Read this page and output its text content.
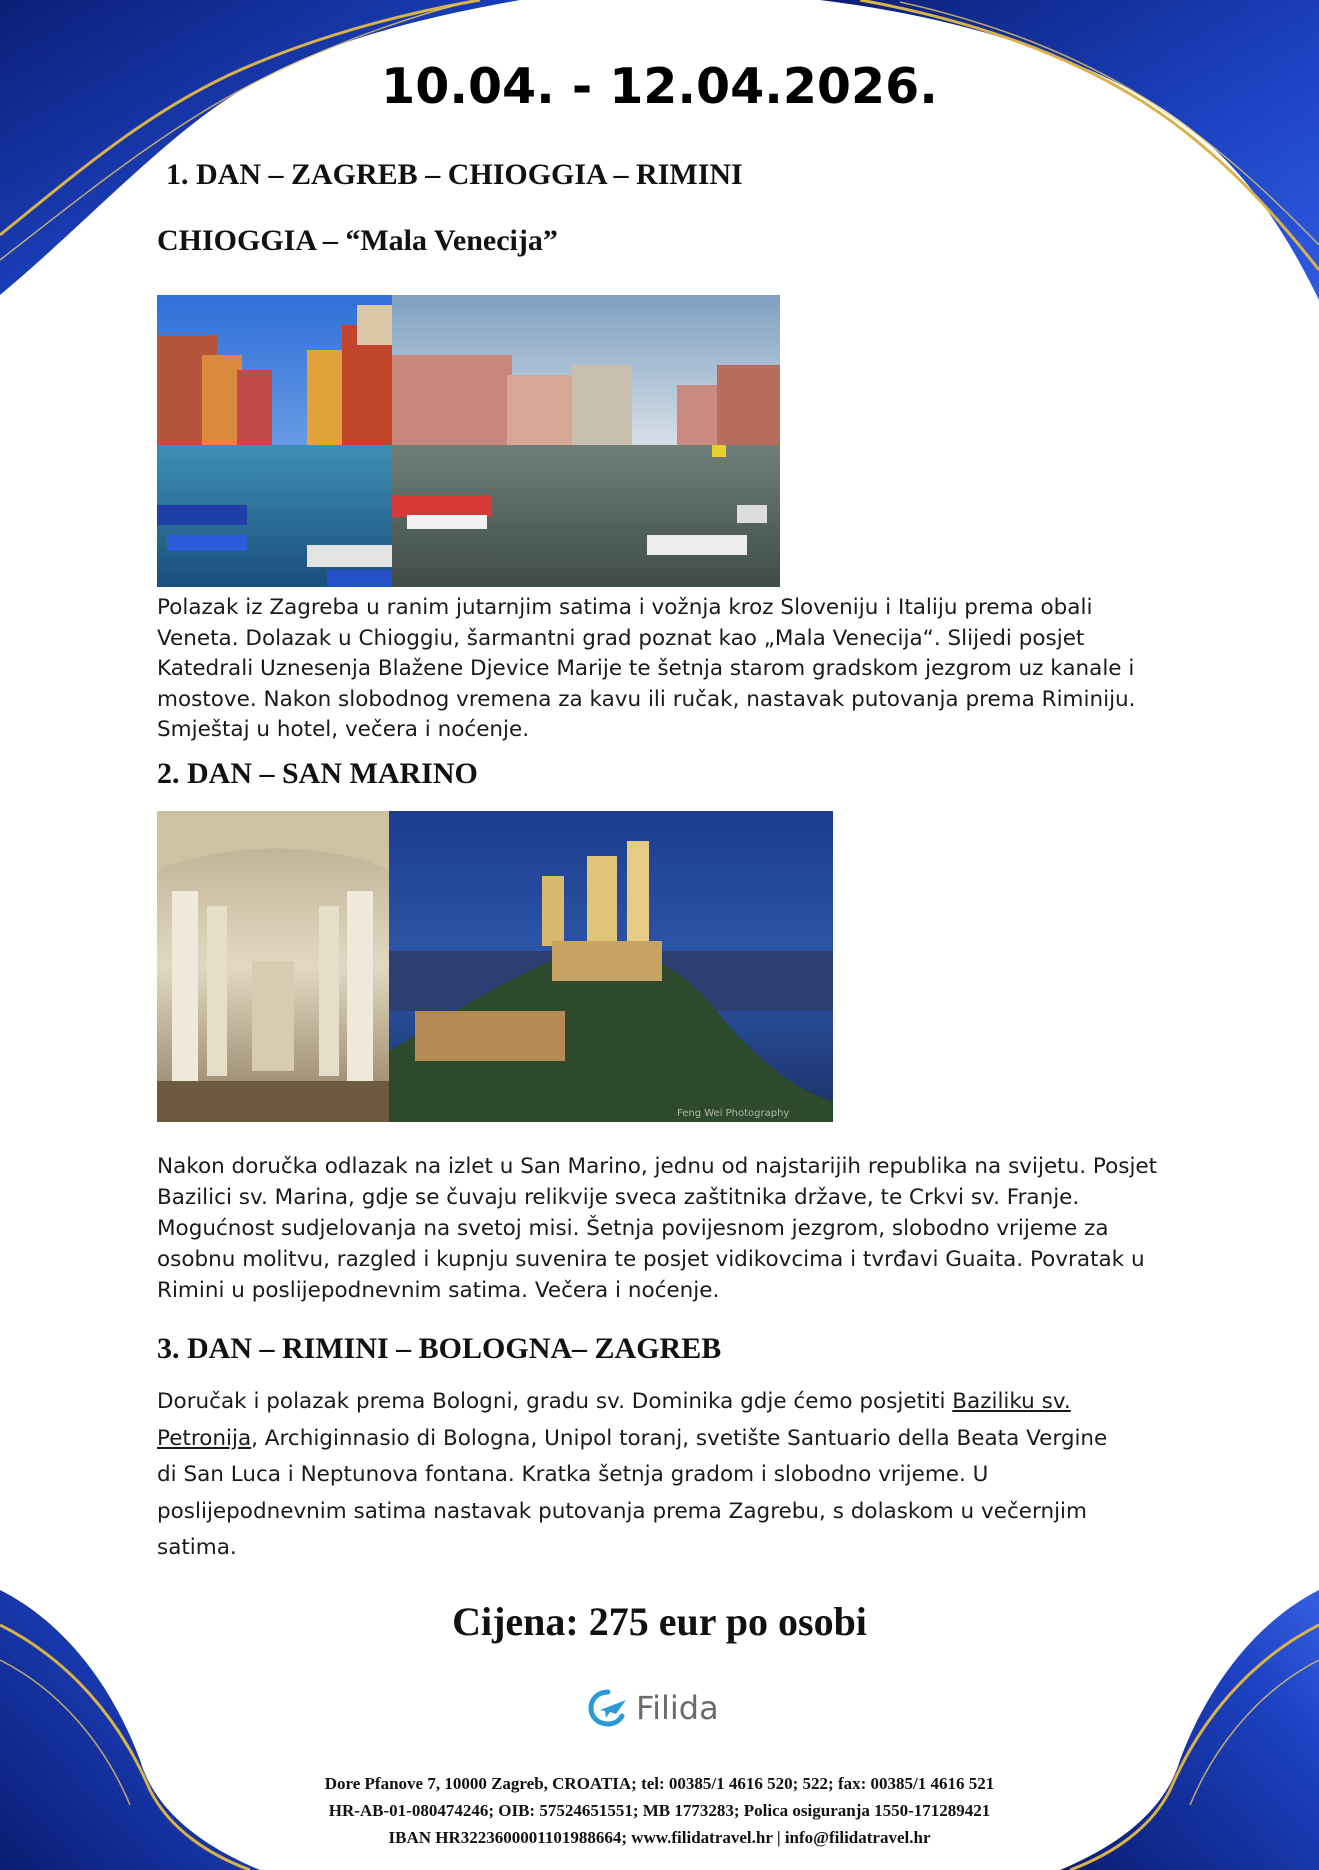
10.04. - 12.04.2026.
1. DAN – ZAGREB – CHIOGGIA – RIMINI
CHIOGGIA – “Mala Venecija”
Polazak iz Zagreba u ranim jutarnjim satima i vožnja kroz Sloveniju i Italiju prema obali
Veneta. Dolazak u Chioggiu, šarmantni grad poznat kao „Mala Venecija“. Slijedi posjet
Katedrali Uznesenja Blažene Djevice Marije te šetnja starom gradskom jezgrom uz kanale i
mostove. Nakon slobodnog vremena za kavu ili ručak, nastavak putovanja prema Riminiju.
Smještaj u hotel, večera i noćenje.
2. DAN – SAN MARINO
Feng Wei Photography
Nakon doručka odlazak na izlet u San Marino, jednu od najstarijih republika na svijetu. Posjet
Bazilici sv. Marina, gdje se čuvaju relikvije sveca zaštitnika države, te Crkvi sv. Franje.
Mogućnost sudjelovanja na svetoj misi. Šetnja povijesnom jezgrom, slobodno vrijeme za
osobnu molitvu, razgled i kupnju suvenira te posjet vidikovcima i tvrđavi Guaita. Povratak u
Rimini u poslijepodnevnim satima. Večera i noćenje.
3. DAN – RIMINI – BOLOGNA– ZAGREB
Doručak i polazak prema Bologni, gradu sv. Dominika gdje ćemo posjetiti Baziliku sv.
Petronija, Archiginnasio di Bologna, Unipol toranj, svetište Santuario della Beata Vergine
di San Luca i Neptunova fontana. Kratka šetnja gradom i slobodno vrijeme. U
poslijepodnevnim satima nastavak putovanja prema Zagrebu, s dolaskom u večernjim
satima.
Cijena: 275 eur po osobi
Filida
Dore Pfanove 7, 10000 Zagreb, CROATIA; tel: 00385/1 4616 520; 522; fax: 00385/1 4616 521
HR-AB-01-080474246; OIB: 57524651551; MB 1773283; Polica osiguranja 1550-171289421
IBAN HR3223600001101988664; www.filidatravel.hr | info@filidatravel.hr
